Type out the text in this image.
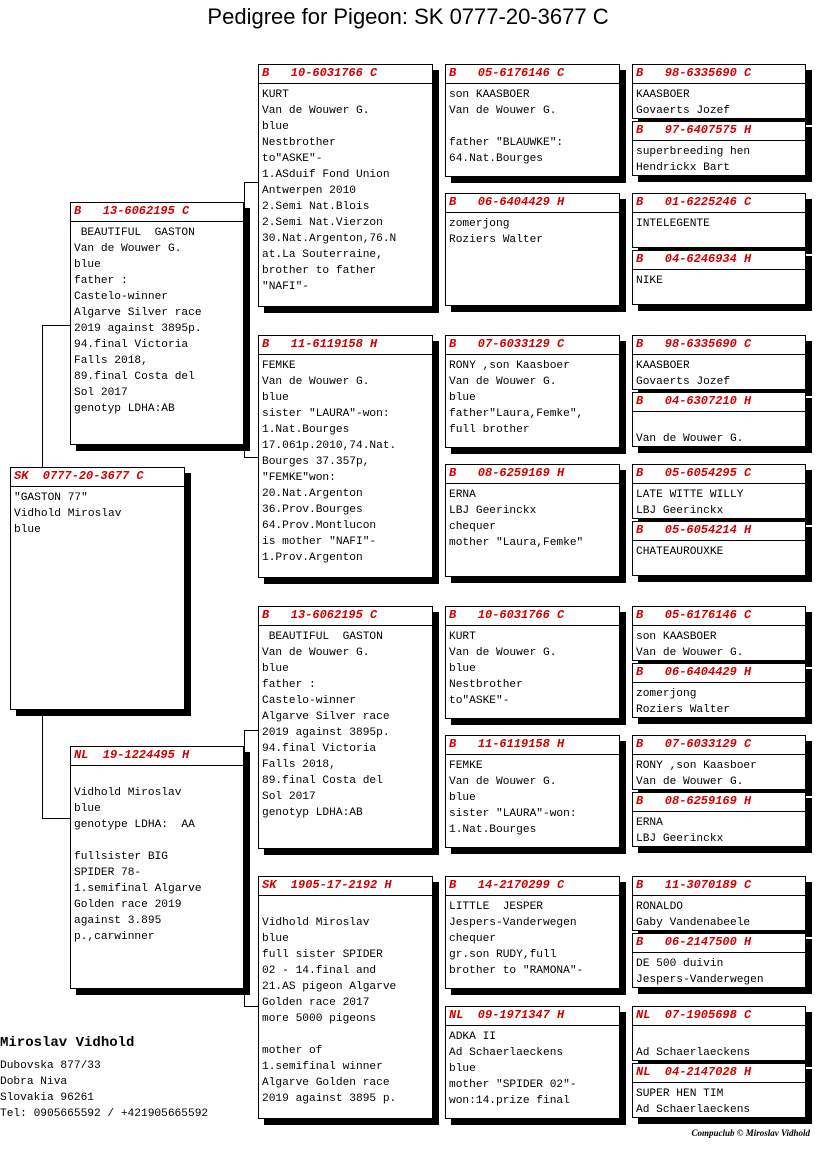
Pedigree for Pigeon: SK 0777-20-3677 C
SK  0777-20-3677 C
"GASTON 77"
Vidhold Miroslav
blue
B   13-6062195 C
BEAUTIFUL  GASTON
Van de Wouwer G.
blue
father :
Castelo-winner
Algarve Silver race
2019 against 3895p.
94.final Victoria
Falls 2018,
89.final Costa del
Sol 2017
genotyp LDHA:AB
NL  19-1224495 H

Vidhold Miroslav
blue
genotype LDHA:  AA

fullsister BIG
SPIDER 78-
1.semifinal Algarve
Golden race 2019
against 3.895
p.,carwinner
B   10-6031766 C
KURT
Van de Wouwer G.
blue
Nestbrother
to"ASKE"-
1.ASduif Fond Union
Antwerpen 2010
2.Semi Nat.Blois
2.Semi Nat.Vierzon
30.Nat.Argenton,76.N
at.La Souterraine,
brother to father
"NAFI"-
B   11-6119158 H
FEMKE
Van de Wouwer G.
blue
sister "LAURA"-won:
1.Nat.Bourges
17.061p.2010,74.Nat.
Bourges 37.357p,
"FEMKE"won:
20.Nat.Argenton
36.Prov.Bourges
64.Prov.Montlucon
is mother "NAFI"-
1.Prov.Argenton
B   13-6062195 C
BEAUTIFUL  GASTON
Van de Wouwer G.
blue
father :
Castelo-winner
Algarve Silver race
2019 against 3895p.
94.final Victoria
Falls 2018,
89.final Costa del
Sol 2017
genotyp LDHA:AB
SK  1905-17-2192 H

Vidhold Miroslav
blue
full sister SPIDER
02 - 14.final and
21.AS pigeon Algarve
Golden race 2017
more 5000 pigeons

mother of
1.semifinal winner
Algarve Golden race
2019 against 3895 p.
B   05-6176146 C
son KAASBOER
Van de Wouwer G.

father "BLAUWKE":
64.Nat.Bourges
B   06-6404429 H
zomerjong
Roziers Walter
B   07-6033129 C
RONY ,son Kaasboer
Van de Wouwer G.
blue
father"Laura,Femke",
full brother
B   08-6259169 H
ERNA
LBJ Geerinckx
chequer
mother "Laura,Femke"
B   10-6031766 C
KURT
Van de Wouwer G.
blue
Nestbrother
to"ASKE"-
B   11-6119158 H
FEMKE
Van de Wouwer G.
blue
sister "LAURA"-won:
1.Nat.Bourges
B   14-2170299 C
LITTLE  JESPER
Jespers-Vanderwegen
chequer
gr.son RUDY,full
brother to "RAMONA"-
NL  09-1971347 H
ADKA II
Ad Schaerlaeckens
blue
mother "SPIDER 02"-
won:14.prize final
B   98-6335690 C
KAASBOER
Govaerts Jozef
B   97-6407575 H
superbreeding hen
Hendrickx Bart
B   01-6225246 C
INTELEGENTE
B   04-6246934 H
NIKE
B   98-6335690 C
KAASBOER
Govaerts Jozef
B   04-6307210 H

Van de Wouwer G.
B   05-6054295 C
LATE WITTE WILLY
LBJ Geerinckx
B   05-6054214 H
CHATEAUROUXKE
B   05-6176146 C
son KAASBOER
Van de Wouwer G.
B   06-6404429 H
zomerjong
Roziers Walter
B   07-6033129 C
RONY ,son Kaasboer
Van de Wouwer G.
B   08-6259169 H
ERNA
LBJ Geerinckx
B   11-3070189 C
RONALDO
Gaby Vandenabeele
B   06-2147500 H
DE 500 duivin
Jespers-Vanderwegen
NL  07-1905698 C

Ad Schaerlaeckens
NL  04-2147028 H
SUPER HEN TIM
Ad Schaerlaeckens
Miroslav Vidhold
Dubovska 877/33
Dobra Niva
Slovakia 96261
Tel: 0905665592 / +421905665592
Compuclub © Miroslav Vidhold
